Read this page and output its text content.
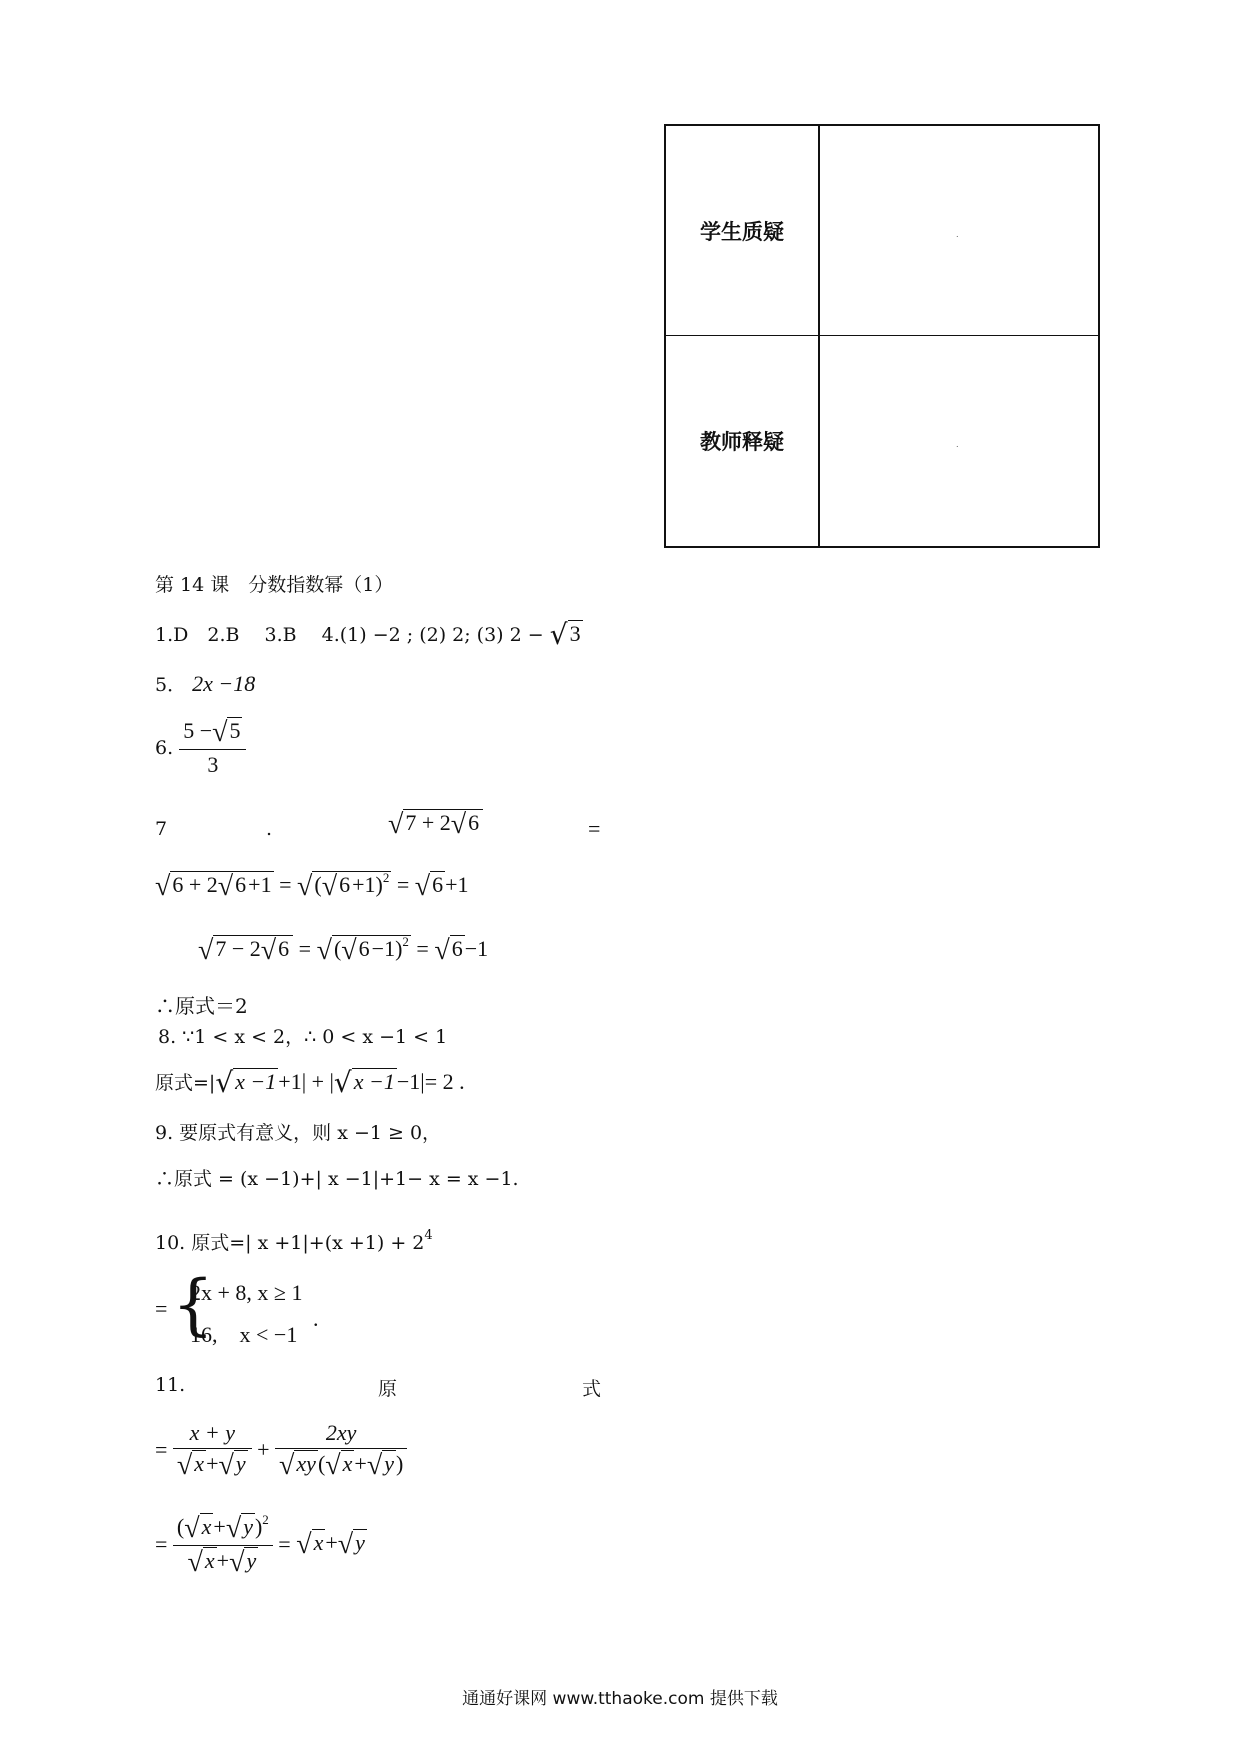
学生质疑	.
教师释疑	.
第 14 课　分数指数幂（1）
1.D　2.B　 3.B　 4.(1) −2 ; (2) 2; (3) 2 − √3
5． 2x −18
6. $\frac{5 -√5}{3}$
7	.	√7 + 2√6	=
$√6 + 2√6+1 = √(√6+1)^2 = √6+1$
$√7 - 2√6 = √(√6-1)^2 = √6-1$
∴原式＝2
8. ∵1 < x < 2，∴ 0 < x −1 < 1
原式=|√x −1+1| + |√x −1−1|= 2 .
9. 要原式有意义，则 x −1 ≥ 0，
∴原式 = (x −1)+| x −1|+1− x = x −1.
10. 原式=| $x +1|+(x +1) + 2^4$
= {
2x + 8, x ≥ 1
16,　x < −1
.
11.	原	式
= $\frac{x + y}{√x+√y} + \frac{2xy}{√xy(√x+√y)}$
= $\frac{(√x+√y)^2}{√x+√y} = √x+√y$
通通好课网 www.tthaoke.com 提供下载
